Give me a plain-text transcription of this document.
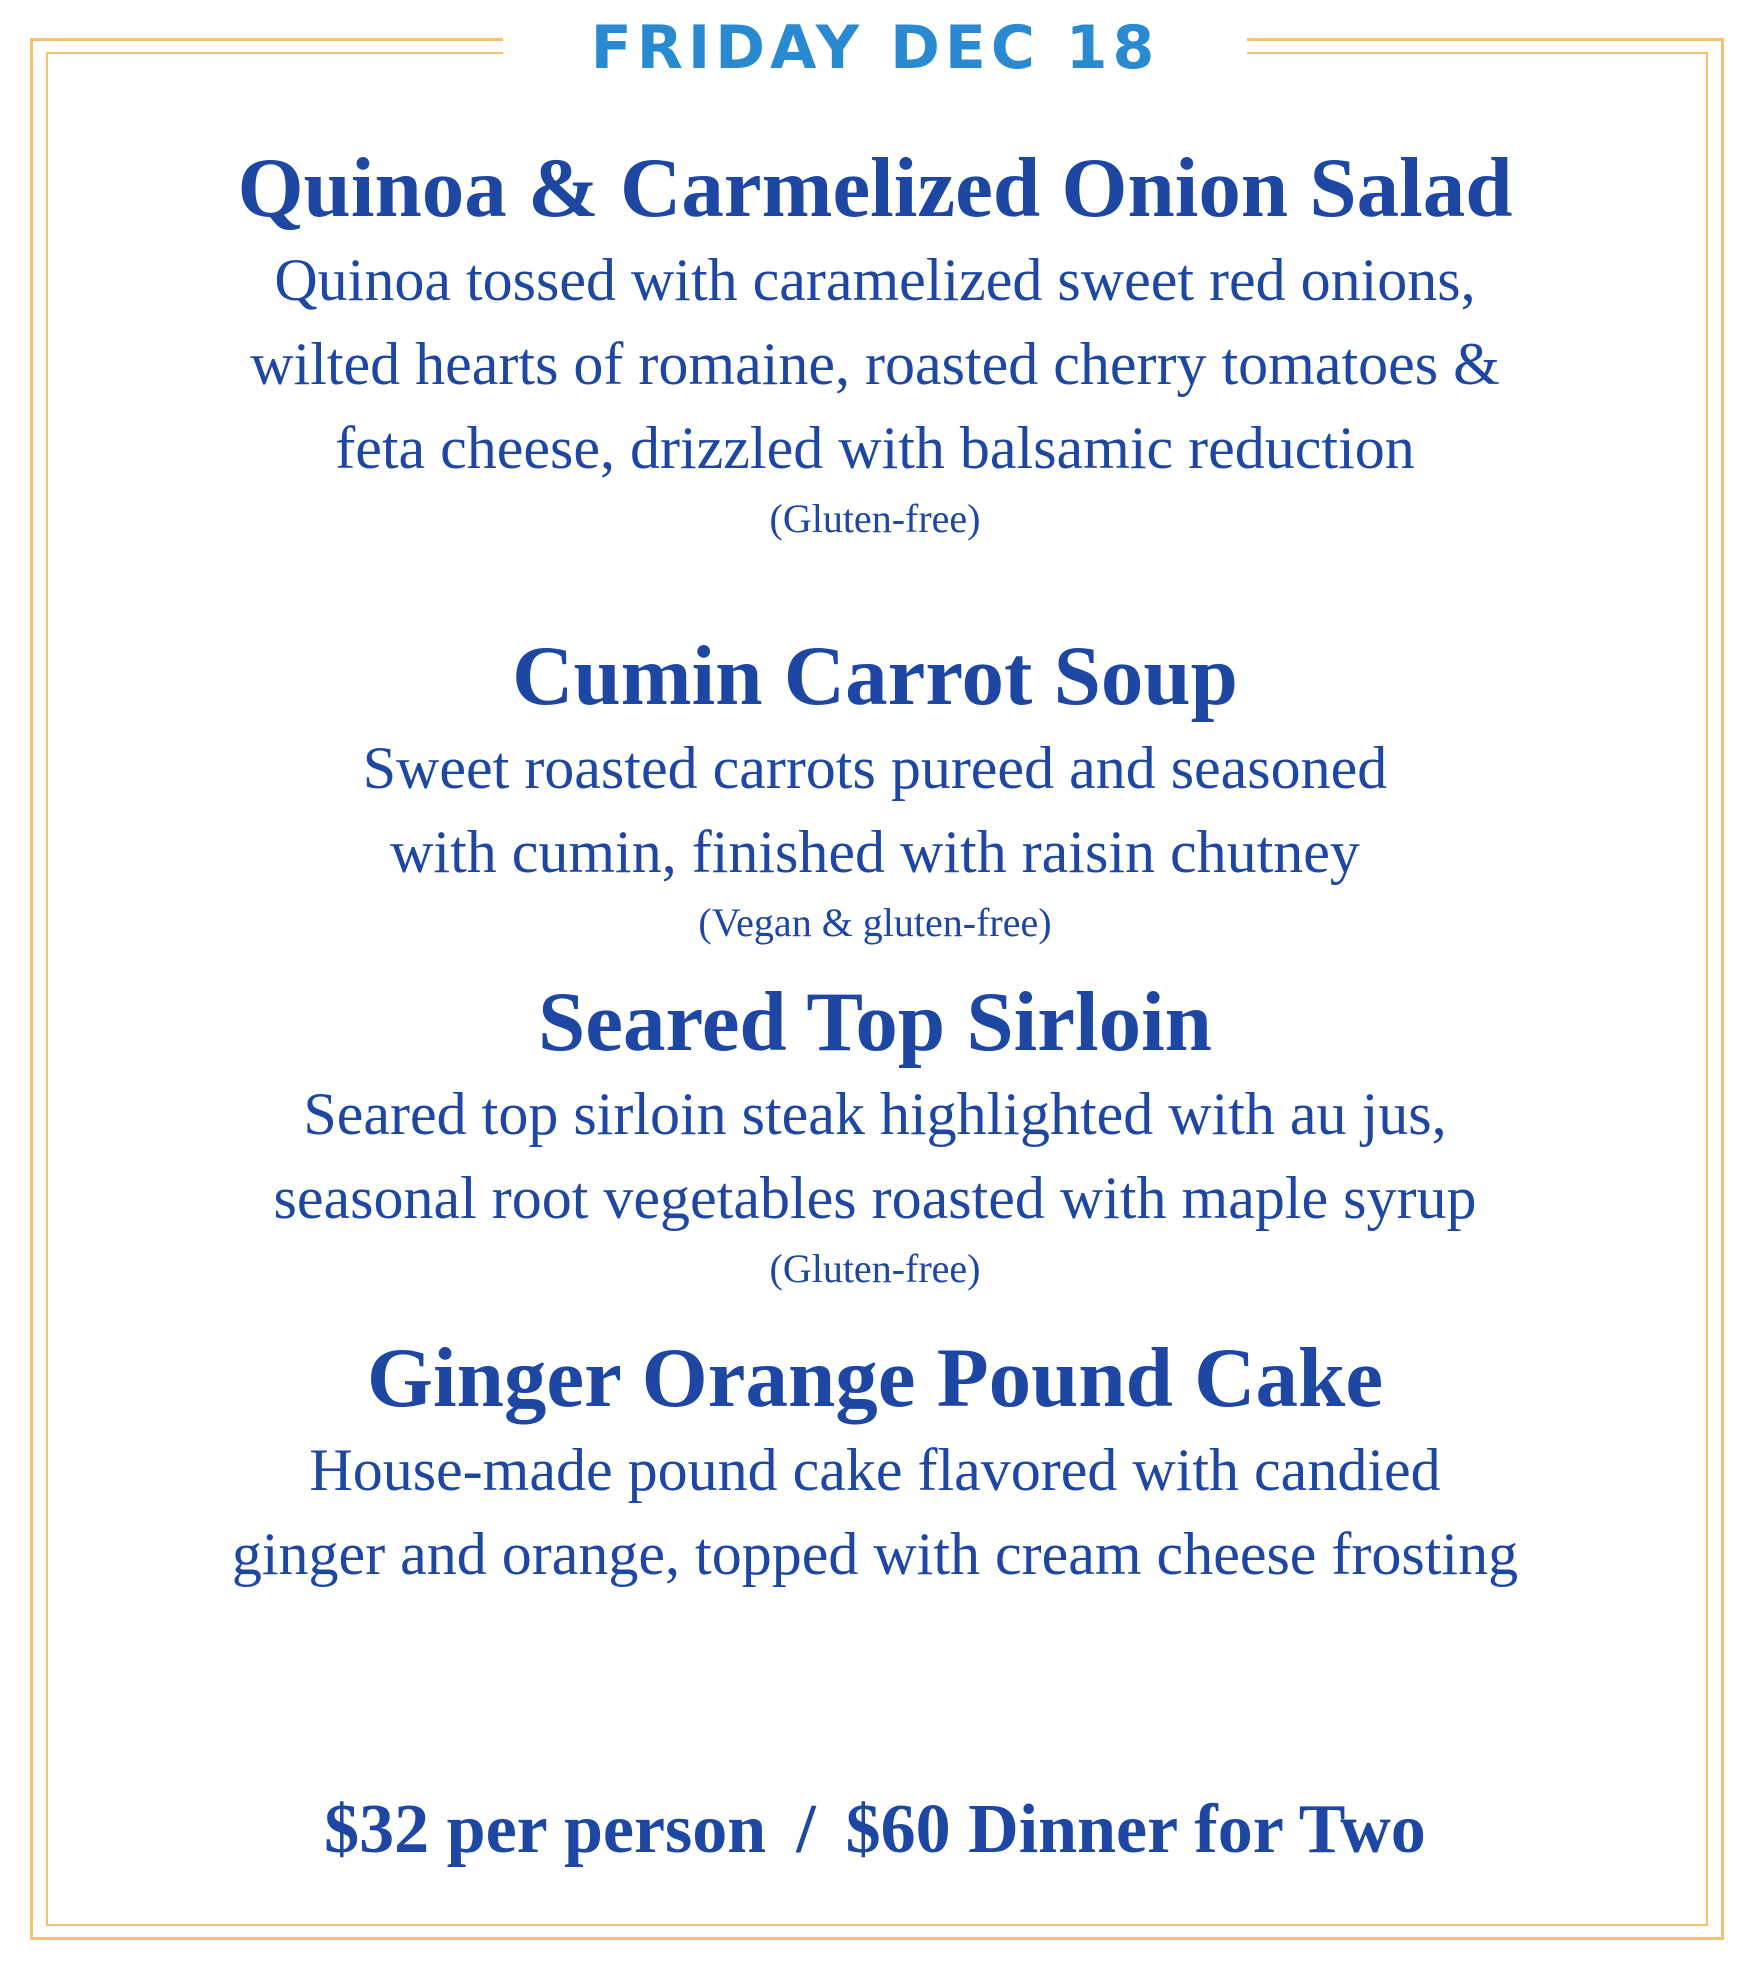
FRIDAY DEC 18

Quinoa & Carmelized Onion Salad

Quinoa tossed with caramelized sweet red onions,
wilted hearts of romaine, roasted cherry tomatoes &
feta cheese, drizzled with balsamic reduction

(Gluten-free)

Cumin Carrot Soup

Sweet roasted carrots pureed and seasoned
with cumin, finished with raisin chutney

(Vegan & gluten-free)

Seared Top Sirloin

Seared top sirloin steak highlighted with au jus,
seasonal root vegetables roasted with maple syrup

(Gluten-free)

Ginger Orange Pound Cake

House-made pound cake flavored with candied
ginger and orange, topped with cream cheese frosting
$32 per person / $60 Dinner for Two
